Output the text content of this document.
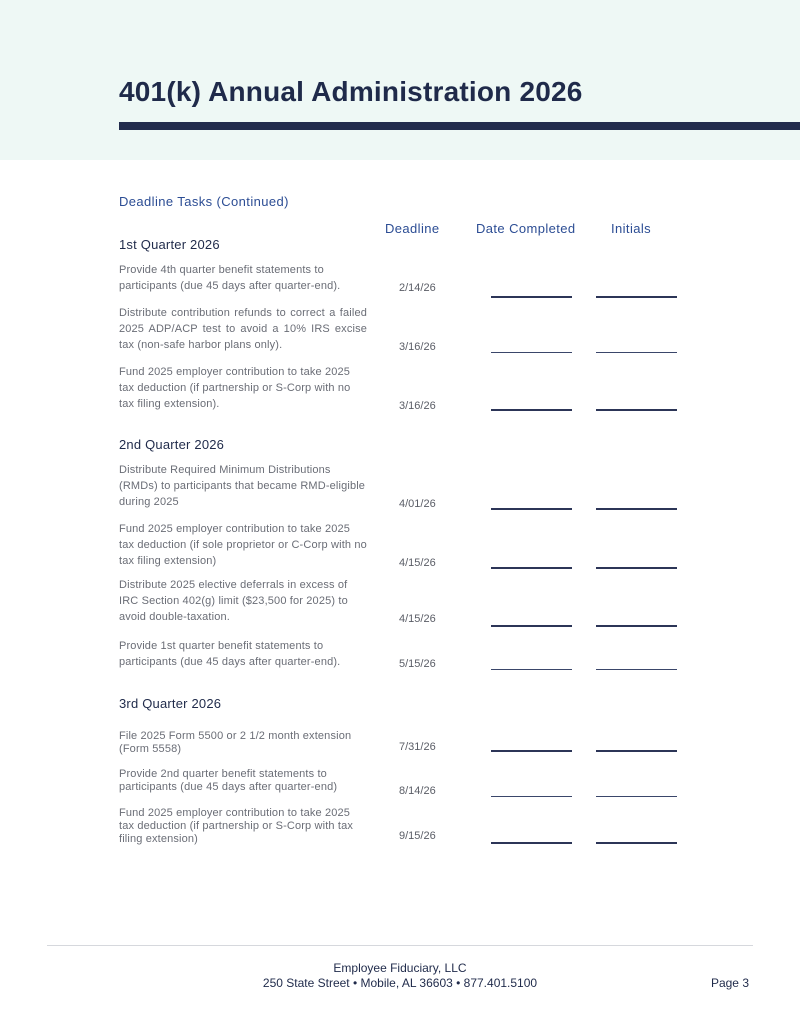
401(k) Annual Administration 2026
Deadline Tasks (Continued)
Deadline	Date Completed	Initials
1st Quarter 2026
Provide 4th quarter benefit statements to participants (due 45 days after quarter-end).	2/14/26
Distribute contribution refunds to correct a failed 2025 ADP/ACP test to avoid a 10% IRS excise tax (non-safe harbor plans only).	3/16/26
Fund 2025 employer contribution to take 2025 tax deduction (if partnership or S-Corp with no tax filing extension).	3/16/26
2nd Quarter 2026
Distribute Required Minimum Distributions (RMDs) to participants that became RMD-eligible during 2025	4/01/26
Fund 2025 employer contribution to take 2025 tax deduction (if sole proprietor or C-Corp with no tax filing extension)	4/15/26
Distribute 2025 elective deferrals in excess of IRC Section 402(g) limit ($23,500 for 2025) to avoid double-taxation.	4/15/26
Provide 1st quarter benefit statements to participants (due 45 days after quarter-end).	5/15/26
3rd Quarter 2026
File 2025 Form 5500 or 2 1/2 month extension (Form 5558)	7/31/26
Provide 2nd quarter benefit statements to participants (due 45 days after quarter-end)	8/14/26
Fund 2025 employer contribution to take 2025 tax deduction (if partnership or S-Corp with tax filing extension)	9/15/26
Employee Fiduciary, LLC
250 State Street • Mobile, AL 36603 • 877.401.5100	Page 3
